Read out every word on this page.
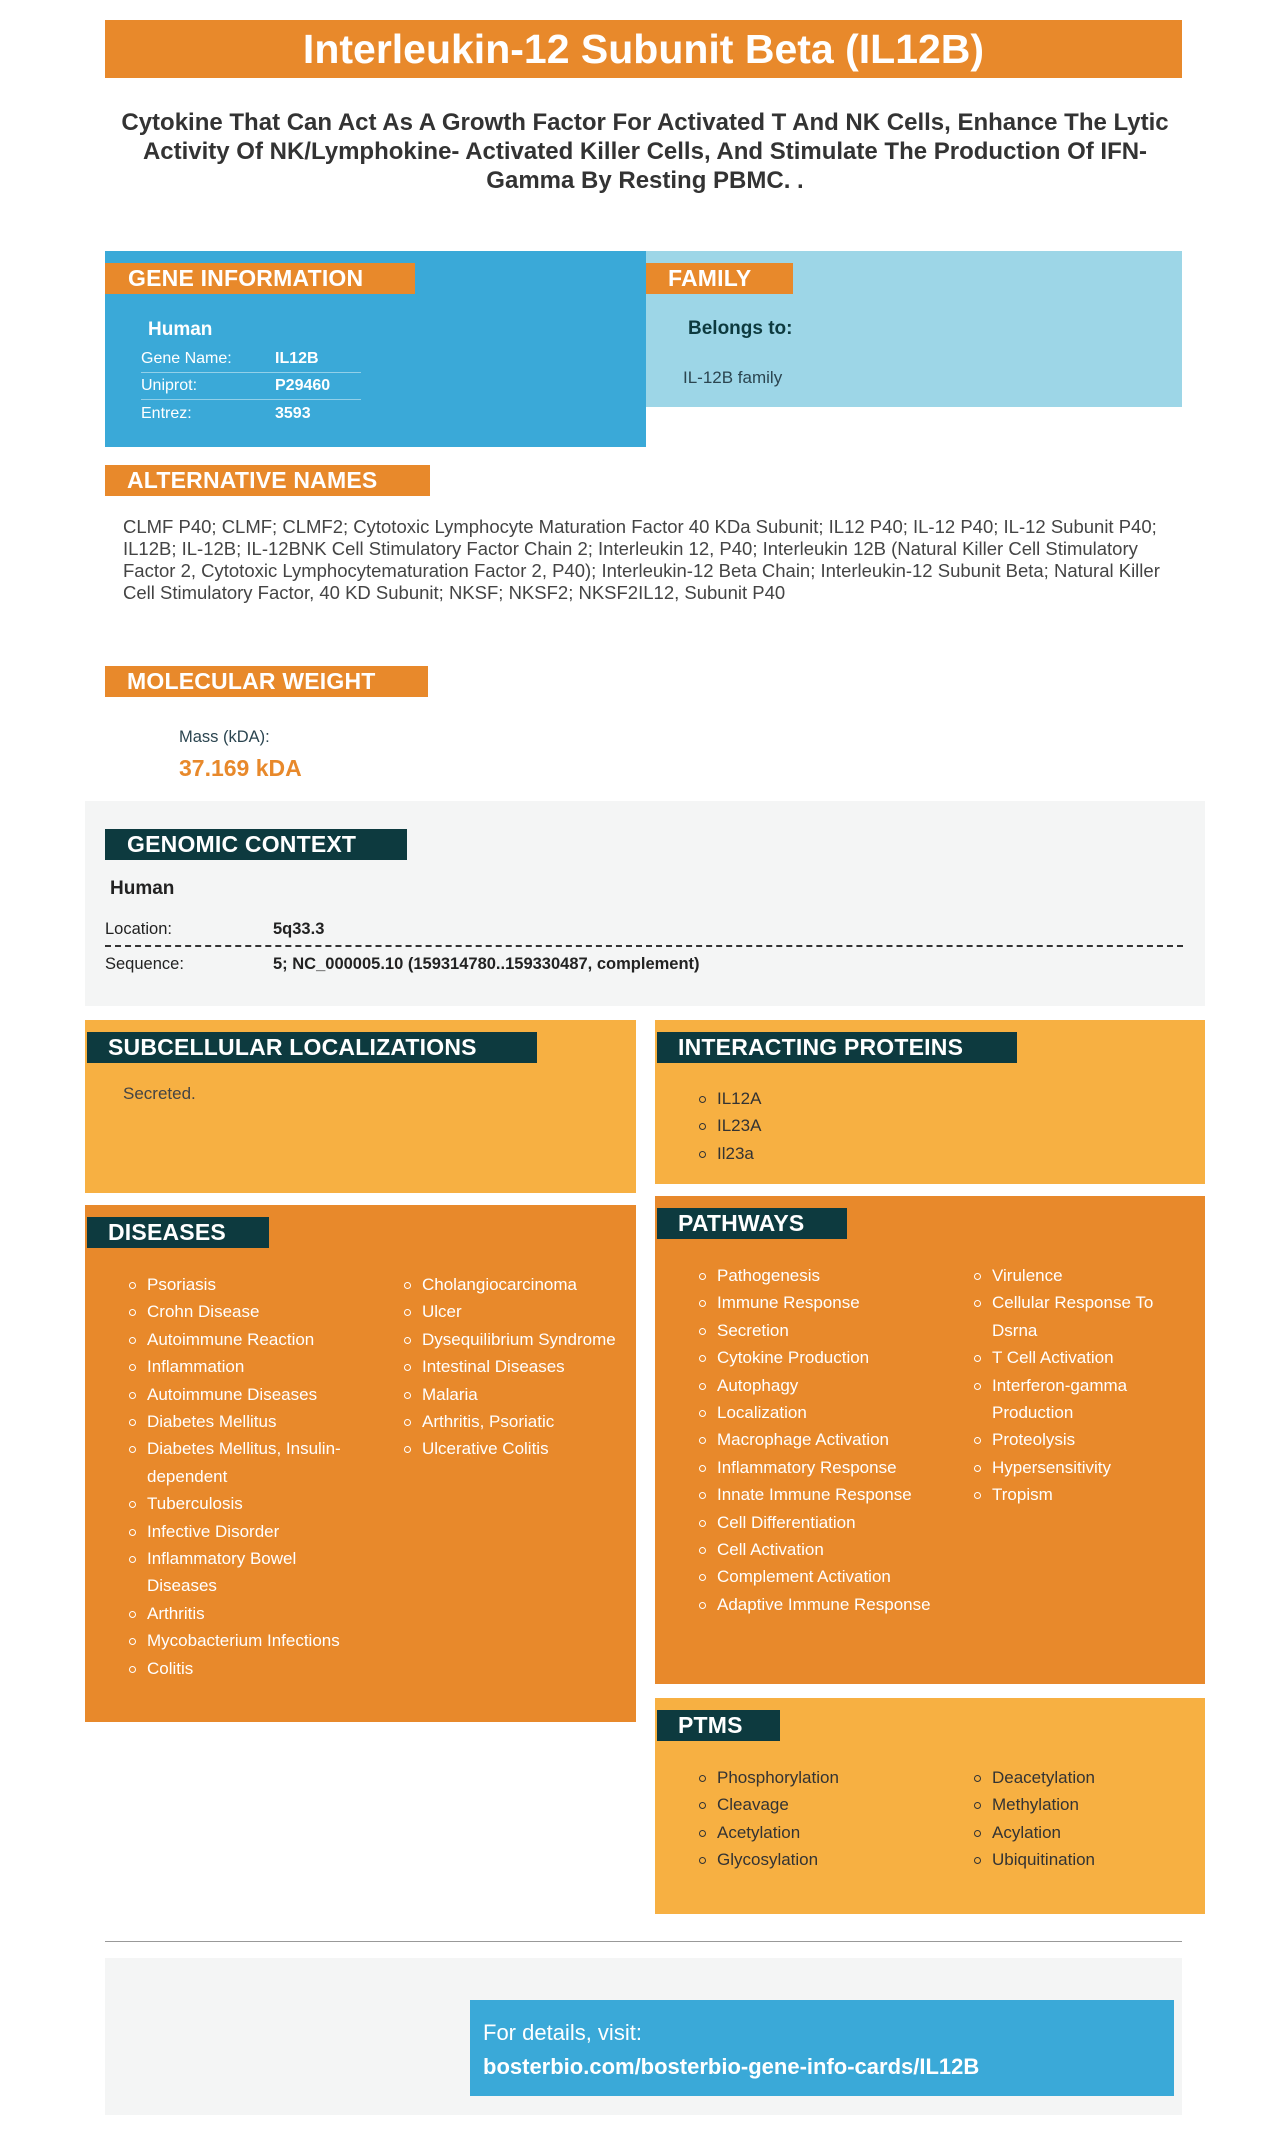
Interleukin-12 Subunit Beta (IL12B)
Cytokine That Can Act As A Growth Factor For Activated T And NK Cells, Enhance The Lytic Activity Of NK/Lymphokine- Activated Killer Cells, And Stimulate The Production Of IFN-Gamma By Resting PBMC. .
GENE INFORMATION
Human
Gene Name:	IL12B
Uniprot:	P29460
Entrez:	3593
FAMILY
Belongs to:
IL-12B family
ALTERNATIVE NAMES
CLMF P40; CLMF; CLMF2; Cytotoxic Lymphocyte Maturation Factor 40 KDa Subunit; IL12 P40; IL-12 P40; IL-12 Subunit P40; IL12B; IL-12B; IL-12BNK Cell Stimulatory Factor Chain 2; Interleukin 12, P40; Interleukin 12B (Natural Killer Cell Stimulatory Factor 2, Cytotoxic Lymphocytematuration Factor 2, P40); Interleukin-12 Beta Chain; Interleukin-12 Subunit Beta; Natural Killer Cell Stimulatory Factor, 40 KD Subunit; NKSF; NKSF2; NKSF2IL12, Subunit P40
MOLECULAR WEIGHT
Mass (kDA):
37.169 kDA
GENOMIC CONTEXT
Human
Location:	5q33.3
Sequence:	5; NC_000005.10 (159314780..159330487, complement)
SUBCELLULAR LOCALIZATIONS
Secreted.
INTERACTING PROTEINS
IL12A
IL23A
Il23a
DISEASES
Psoriasis
Crohn Disease
Autoimmune Reaction
Inflammation
Autoimmune Diseases
Diabetes Mellitus
Diabetes Mellitus, Insulin-dependent
Tuberculosis
Infective Disorder
Inflammatory Bowel Diseases
Arthritis
Mycobacterium Infections
Colitis
Cholangiocarcinoma
Ulcer
Dysequilibrium Syndrome
Intestinal Diseases
Malaria
Arthritis, Psoriatic
Ulcerative Colitis
PATHWAYS
Pathogenesis
Immune Response
Secretion
Cytokine Production
Autophagy
Localization
Macrophage Activation
Inflammatory Response
Innate Immune Response
Cell Differentiation
Cell Activation
Complement Activation
Adaptive Immune Response
Virulence
Cellular Response To Dsrna
T Cell Activation
Interferon-gamma Production
Proteolysis
Hypersensitivity
Tropism
PTMS
Phosphorylation
Cleavage
Acetylation
Glycosylation
Deacetylation
Methylation
Acylation
Ubiquitination
For details, visit:
bosterbio.com/bosterbio-gene-info-cards/IL12B
